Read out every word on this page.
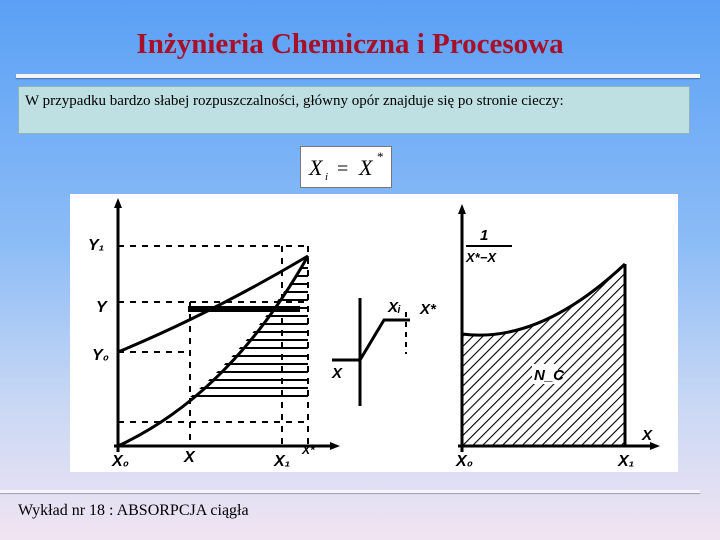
Inżynieria Chemiczna i Procesowa
W przypadku bardzo słabej rozpuszczalności, główny opór znajduje się po stronie cieczy:
X i = X *
Y₁
Y
Y₀
X₀	X	X₁
X*
X
Xᵢ X*
N_C
1
X*−X
X₀	X₁
X
Wykład nr 18 : ABSORPCJA ciągła
